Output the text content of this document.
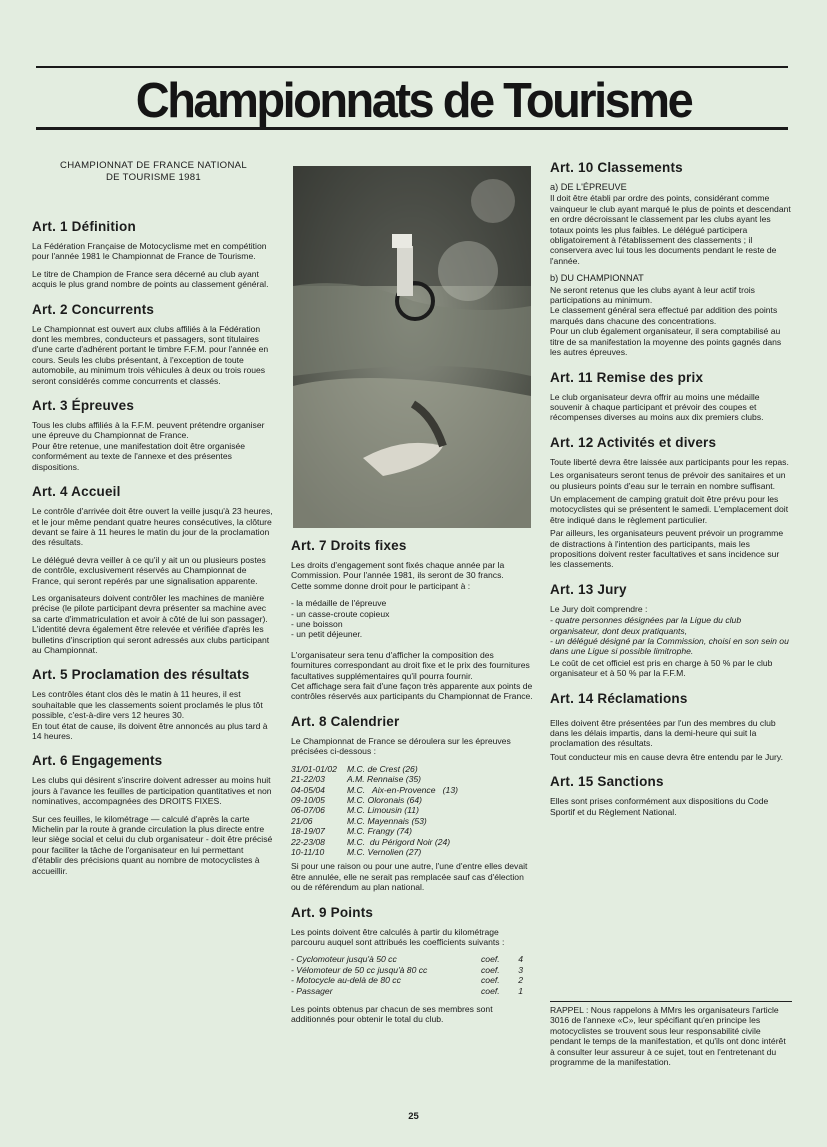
Championnats de Tourisme
CHAMPIONNAT DE FRANCE NATIONAL
DE TOURISME 1981
Art. 1 Définition

La Fédération Française de Motocyclisme met en compétition pour l'année 1981 le Championnat de France de Tourisme.

Le titre de Champion de France sera décerné au club ayant acquis le plus grand nombre de points au classement général.

Art. 2 Concurrents

Le Championnat est ouvert aux clubs affiliés à la Fédération dont les membres, conducteurs et passagers, sont titulaires d'une carte d'adhérent portant le timbre F.F.M. pour l'année en cours. Seuls les clubs présentant, à l'exception de toute automobile, au minimum trois véhicules à deux ou trois roues seront considérés comme concurrents et classés.

Art. 3 Épreuves

Tous les clubs affiliés à la F.F.M. peuvent prétendre organiser une épreuve du Championnat de France.
Pour être retenue, une manifestation doit être organisée conformément au texte de l'annexe et des présentes dispositions.

Art. 4 Accueil

Le contrôle d'arrivée doit être ouvert la veille jusqu'à 23 heures, et le jour même pendant quatre heures consécutives, la clôture devant se faire à 11 heures le matin du jour de la proclamation des résultats.

Le délégué devra veiller à ce qu'il y ait un ou plusieurs postes de contrôle, exclusivement réservés au Championnat de France, qui seront repérés par une signalisation apparente.

Les organisateurs doivent contrôler les machines de manière précise (le pilote participant devra présenter sa machine avec sa carte d'immatriculation et avoir à côté de lui son passager). L'identité devra également être relevée et vérifiée d'après les bulletins d'inscription qui seront adressés aux clubs participant au Championnat.

Art. 5 Proclamation des résultats

Les contrôles étant clos dès le matin à 11 heures, il est souhaitable que les classements soient proclamés le plus tôt possible, c'est-à-dire vers 12 heures 30.
En tout état de cause, ils doivent être annoncés au plus tard à 14 heures.

Art. 6 Engagements

Les clubs qui désirent s'inscrire doivent adresser au moins huit jours à l'avance les feuilles de participation quantitatives et non nominatives, accompagnées des DROITS FIXES.

Sur ces feuilles, le kilométrage — calculé d'après la carte Michelin par la route à grande circulation la plus directe entre leur siège social et celui du club organisateur - doit être précisé pour faciliter la tâche de l'organisateur en lui permettant d'établir des précisions quant au nombre de motocyclistes à accueillir.

Art. 7 Droits fixes

Les droits d'engagement sont fixés chaque année par la Commission. Pour l'année 1981, ils seront de 30 francs.
Cette somme donne droit pour le participant à :

- la médaille de l'épreuve
- un casse-croute copieux
- une boisson
- un petit déjeuner.

L'organisateur sera tenu d'afficher la composition des fournitures correspondant au droit fixe et le prix des fournitures facultatives supplémentaires qu'il pourra fournir.
Cet affichage sera fait d'une façon très apparente aux points de contrôles réservés aux participants du Championnat de France.

Art. 8 Calendrier

Le Championnat de France se déroulera sur les épreuves précisées ci-dessous :

31/01-01/02	M.C. de Crest (26)
21-22/03	A.M. Rennaise (35)
04-05/04	M.C.   Aix-en-Provence   (13)
09-10/05	M.C. Oloronais (64)
06-07/06	M.C. Limousin (11)
21/06	M.C. Mayennais (53)
18-19/07	M.C. Frangy (74)
22-23/08	M.C.  du Périgord Noir (24)
10-11/10	M.C. Vernolien (27)

Si pour une raison ou pour une autre, l'une d'entre elles devait être annulée, elle ne serait pas remplacée sauf cas d'élection ou de référendum au plan national.

Art. 9 Points

Les points doivent être calculés à partir du kilométrage parcouru auquel sont attribués les coefficients suivants :

- Cyclomoteur jusqu'à 50 cc	coef.	4
- Vélomoteur de 50 cc jusqu'à 80 cc	coef.	3
- Motocycle au-delà de 80 cc	coef.	2
- Passager	coef.	1

Les points obtenus par chacun de ses membres sont additionnés pour obtenir le total du club.

Art. 10 Classements

a) DE L'ÉPREUVE

Il doit être établi par ordre des points, considérant comme vainqueur le club ayant marqué le plus de points et descendant en ordre décroissant le classement par les clubs ayant les totaux points les plus faibles. Le délégué participera obligatoirement à l'établissement des classements ; il conservera avec lui tous les documents pendant le reste de l'année.

b) DU CHAMPIONNAT

Ne seront retenus que les clubs ayant à leur actif trois participations au minimum.
Le classement général sera effectué par addition des points marqués dans chacune des concentrations.
Pour un club également organisateur, il sera comptabilisé au titre de sa manifestation la moyenne des points gagnés dans les autres épreuves.

Art. 11 Remise des prix

Le club organisateur devra offrir au moins une médaille souvenir à chaque participant et prévoir des coupes et récompenses diverses au moins aux dix premiers clubs.

Art. 12 Activités et divers

Toute liberté devra être laissée aux participants pour les repas.

Les organisateurs seront tenus de prévoir des sanitaires et un ou plusieurs points d'eau sur le terrain en nombre suffisant.

Un emplacement de camping gratuit doit être prévu pour les motocyclistes qui se présentent le samedi. L'emplacement doit être indiqué dans le règlement particulier.

Par ailleurs, les organisateurs peuvent prévoir un programme de distractions à l'intention des participants, mais les propositions doivent rester facultatives et sans incidence sur les classements.

Art. 13 Jury

Le Jury doit comprendre :

- quatre personnes désignées par la Ligue du club organisateur, dont deux pratiquants,
- un délégué désigné par la Commission, choisi en son sein ou dans une Ligue si possible limitrophe.

Le coût de cet officiel est pris en charge à 50 % par le club organisateur et à 50 % par la F.F.M.

Art. 14 Réclamations

Elles doivent être présentées par l'un des membres du club dans les délais impartis, dans la demi-heure qui suit la proclamation des résultats.

Tout conducteur mis en cause devra être entendu par le Jury.

Art. 15 Sanctions

Elles sont prises conformément aux dispositions du Code Sportif et du Règlement National.

RAPPEL : Nous rappelons à MMrs les organisateurs l'article 3016 de l'annexe «C», leur spécifiant qu'en principe les motocyclistes se trouvent sous leur responsabilité civile pendant le temps de la manifestation, et qu'ils ont donc intérêt à consulter leur assureur à ce sujet, tout en l'entretenant du programme de la manifestation.

25
